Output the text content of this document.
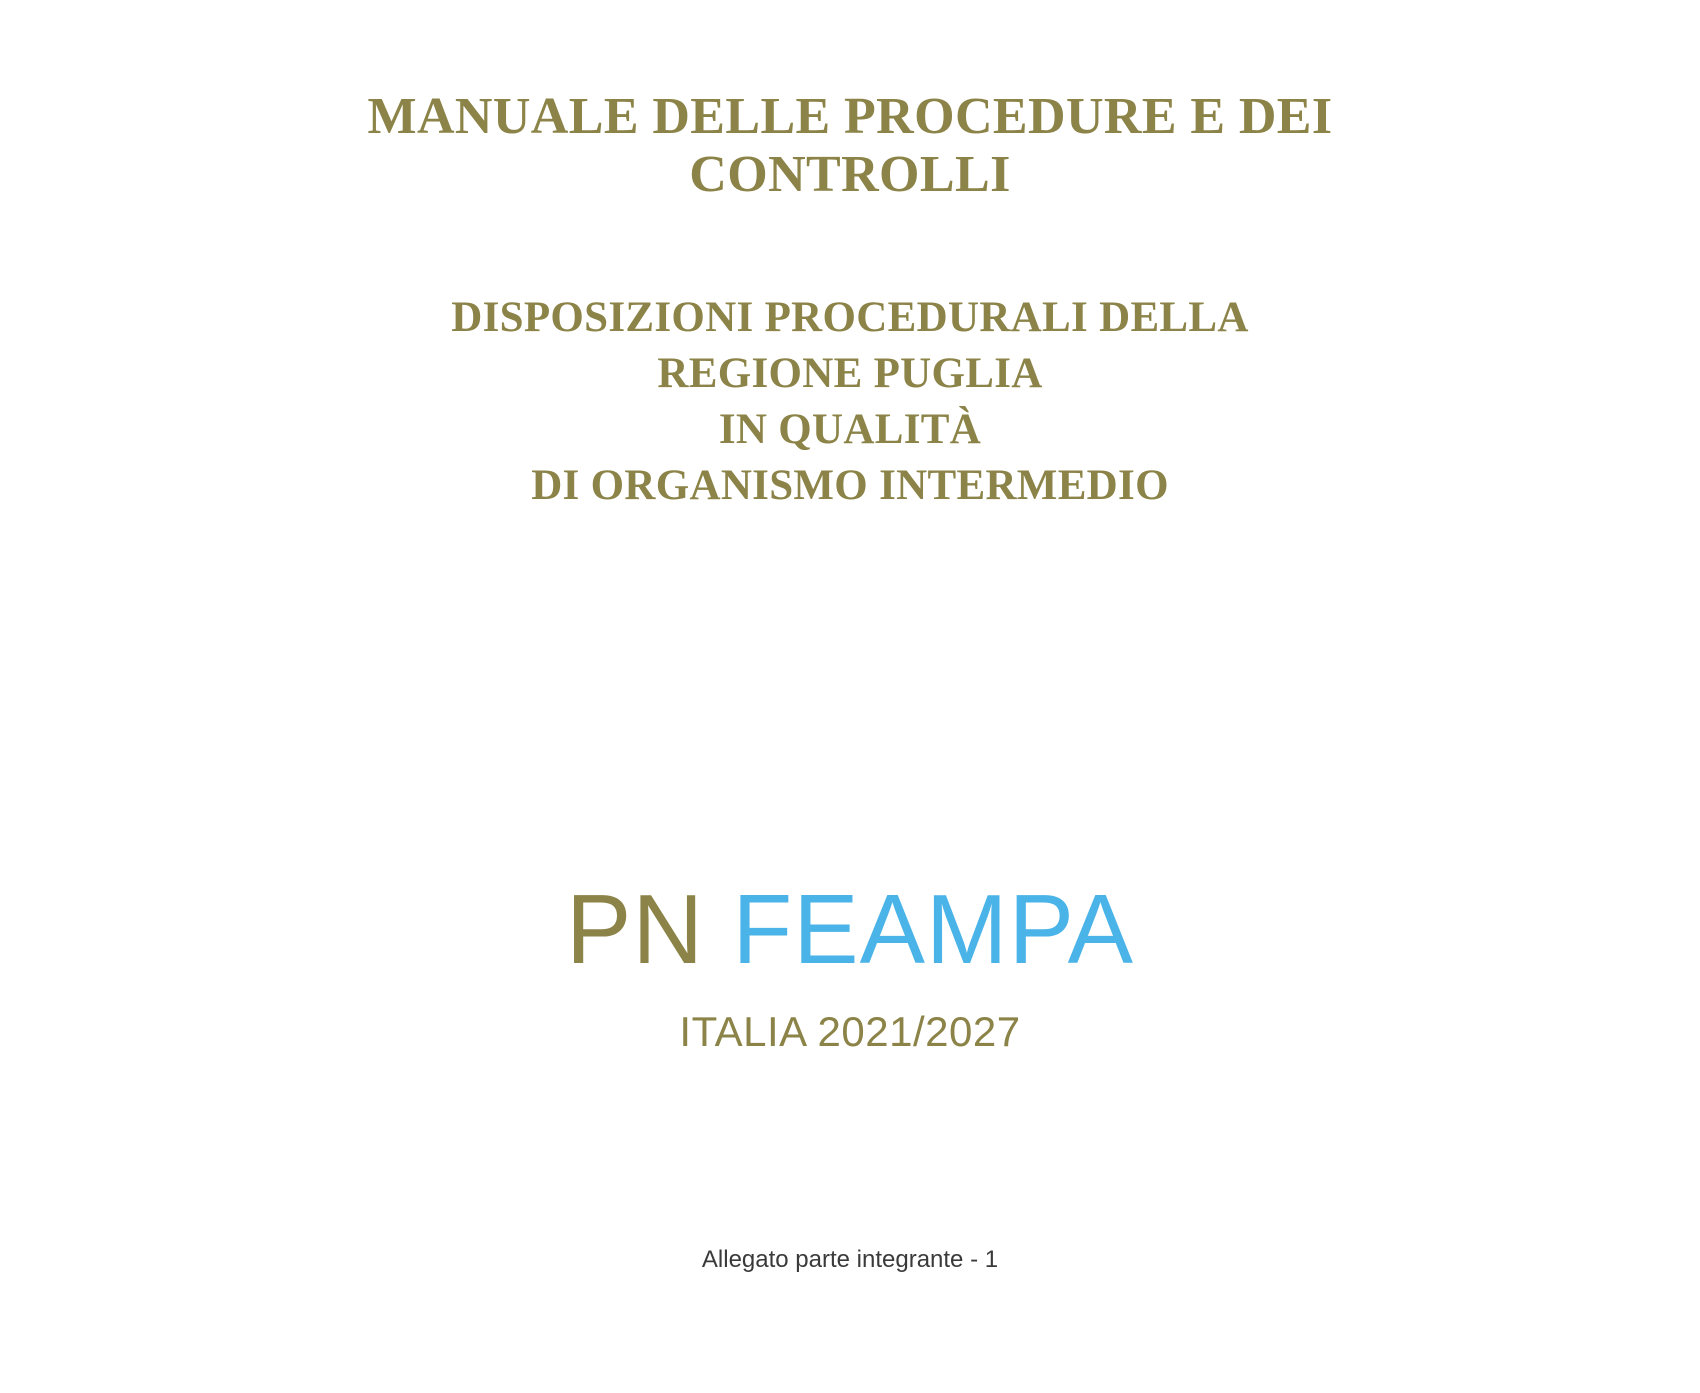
MANUALE DELLE PROCEDURE E DEI CONTROLLI
DISPOSIZIONI PROCEDURALI DELLA
REGIONE PUGLIA
IN QUALITÀ
DI ORGANISMO INTERMEDIO
PN FEAMPA
ITALIA 2021/2027
Allegato parte integrante - 1
